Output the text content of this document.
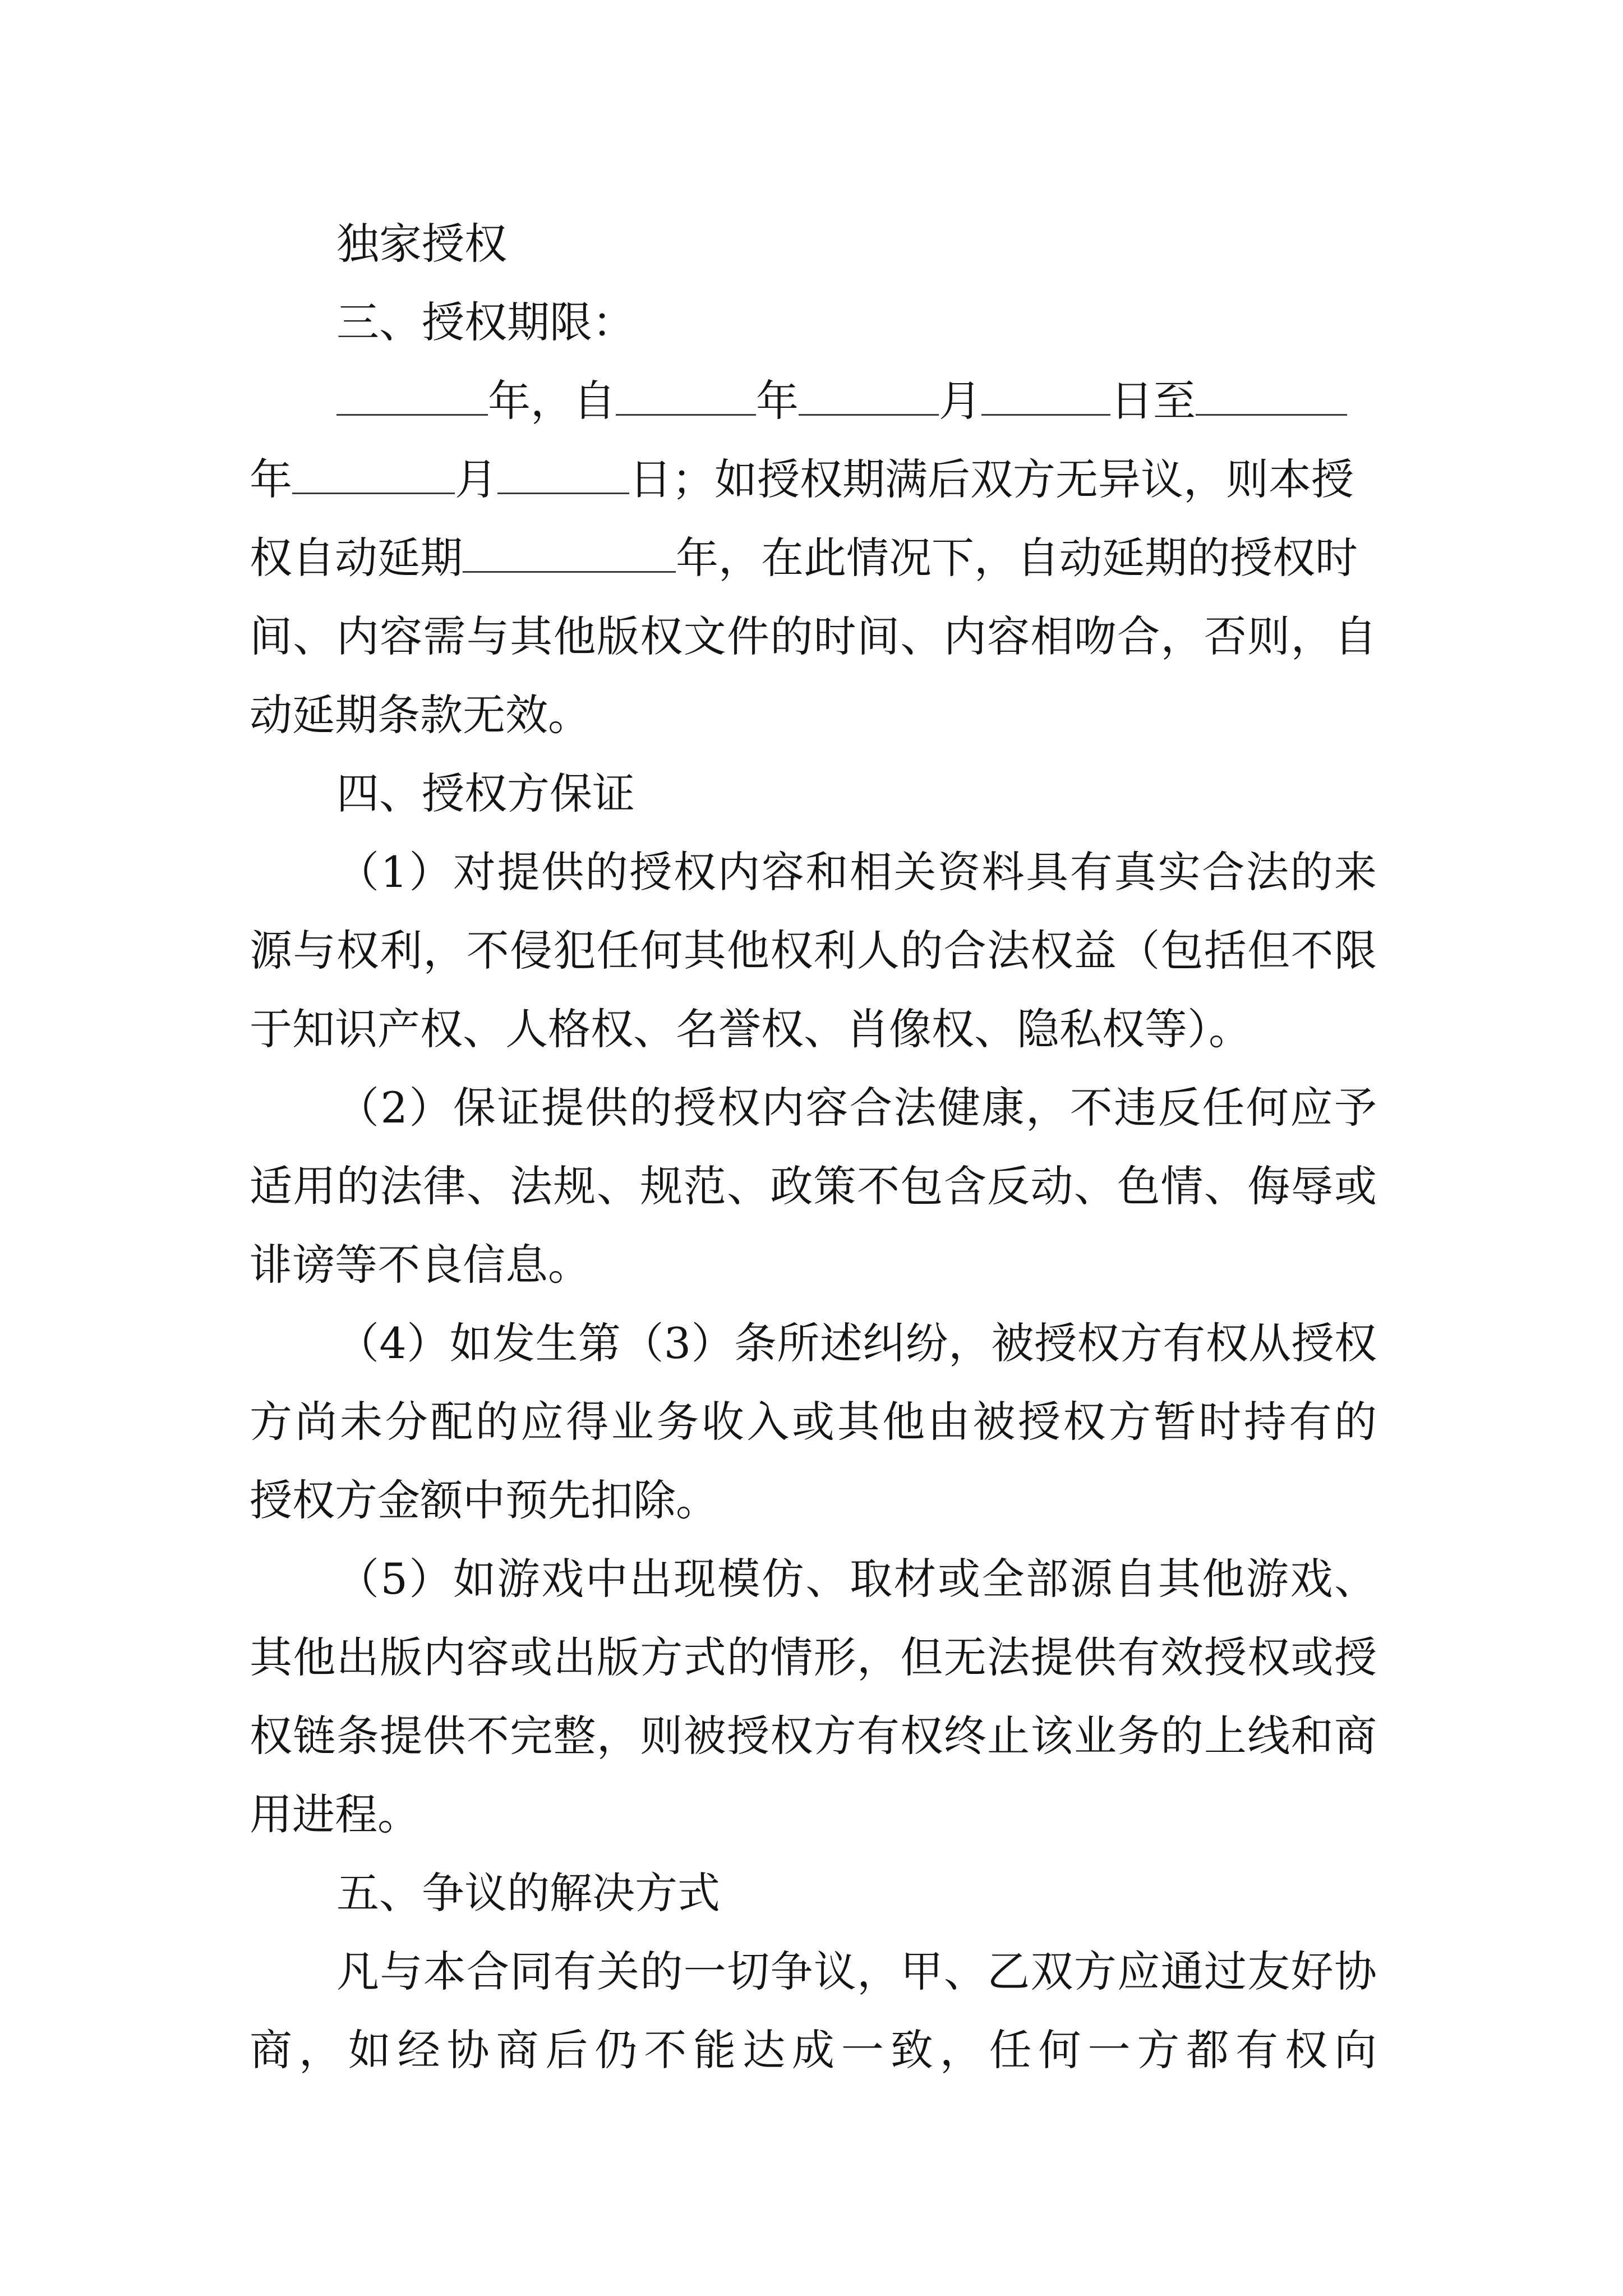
独家授权
三、授权期限：
年，自	年	月	日至
年	月	日；如授权期满后双方无异议，则本授
权自动延期	年，在此情况下，自动延期的授权时
间、内容需与其他版权文件的时间、内容相吻合，否则，自
动延期条款无效。
四、授权方保证
（1）对提供的授权内容和相关资料具有真实合法的来
源与权利，不侵犯任何其他权利人的合法权益（包括但不限
于知识产权、人格权、名誉权、肖像权、隐私权等）。
（2）保证提供的授权内容合法健康，不违反任何应予
适用的法律、法规、规范、政策不包含反动、色情、侮辱或
诽谤等不良信息。
（4）如发生第（3）条所述纠纷，被授权方有权从授权
方尚未分配的应得业务收入或其他由被授权方暂时持有的
授权方金额中预先扣除。
（5）如游戏中出现模仿、取材或全部源自其他游戏、
其他出版内容或出版方式的情形，但无法提供有效授权或授
权链条提供不完整，则被授权方有权终止该业务的上线和商
用进程。
五、争议的解决方式
凡与本合同有关的一切争议，甲、乙双方应通过友好协
商，如经协商后仍不能达成一致，任何一方都有权向
